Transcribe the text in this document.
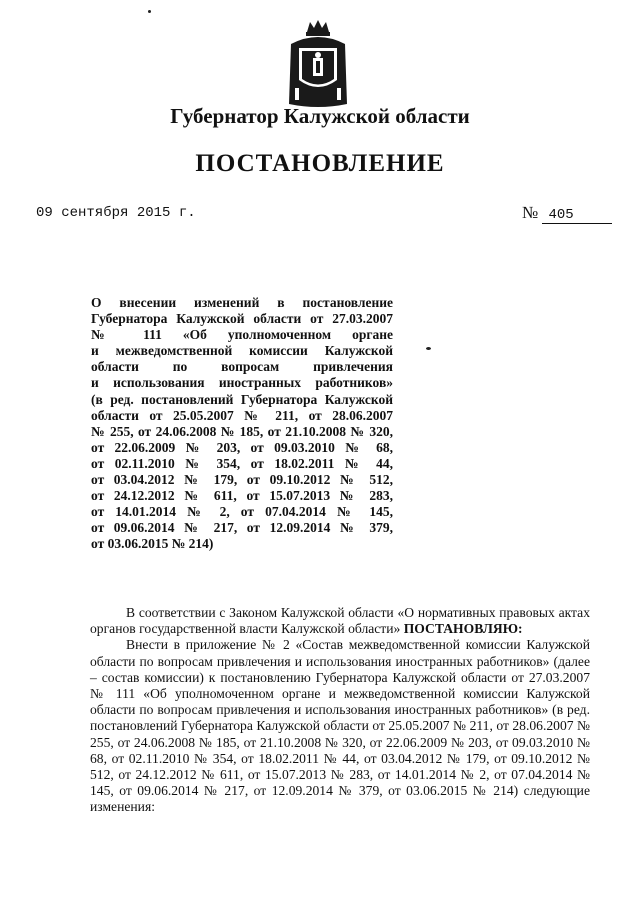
Губернатор Калужской области
ПОСТАНОВЛЕНИЕ
09 сентября 2015 г.	№ 405
О внесении изменений в постановление
Губернатора Калужской области от 27.03.2007
№ 111 «Об уполномоченном органе
и межведомственной комиссии Калужской
области по вопросам привлечения
и использования иностранных работников»
(в ред. постановлений Губернатора Калужской
области от 25.05.2007 № 211, от 28.06.2007
№ 255, от 24.06.2008 № 185, от 21.10.2008 № 320,
от 22.06.2009 № 203, от 09.03.2010 № 68,
от 02.11.2010 № 354, от 18.02.2011 № 44,
от 03.04.2012 № 179, от 09.10.2012 № 512,
от 24.12.2012 № 611, от 15.07.2013 № 283,
от 14.01.2014 № 2, от 07.04.2014 № 145,
от 09.06.2014 № 217, от 12.09.2014 № 379,
от 03.06.2015 № 214)

В соответствии с Законом Калужской области «О нормативных правовых актах органов государственной власти Калужской области» ПОСТАНОВЛЯЮ:

Внести в приложение № 2 «Состав межведомственной комиссии Калужской области по вопросам привлечения и использования иностранных работников» (далее – состав комиссии) к постановлению Губернатора Калужской области от 27.03.2007 № 111 «Об уполномоченном органе и межведомственной комиссии Калужской области по вопросам привлечения и использования иностранных работников» (в ред. постановлений Губернатора Калужской области от 25.05.2007 № 211, от 28.06.2007 № 255, от 24.06.2008 № 185, от 21.10.2008 № 320, от 22.06.2009 № 203, от 09.03.2010 № 68, от 02.11.2010 № 354, от 18.02.2011 № 44, от 03.04.2012 № 179, от 09.10.2012 № 512, от 24.12.2012 № 611, от 15.07.2013 № 283, от 14.01.2014 № 2, от 07.04.2014 № 145, от 09.06.2014 № 217, от 12.09.2014 № 379, от 03.06.2015 № 214) следующие изменения:
